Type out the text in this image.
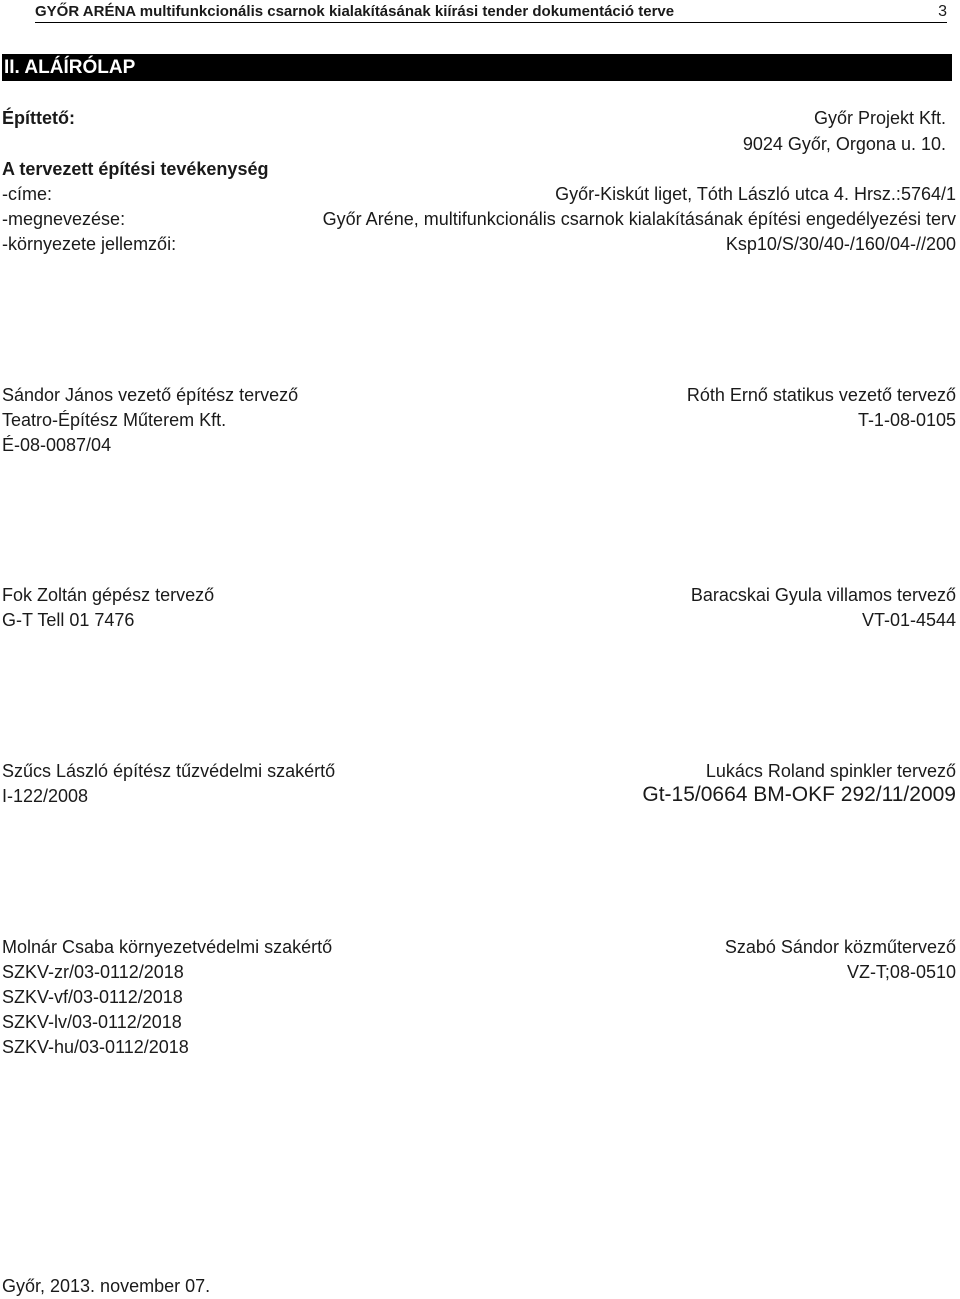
GYŐR ARÉNA multifunkcionális csarnok kialakításának kiírási tender dokumentáció terve	3
II. ALÁÍRÓLAP
Építtető:	Győr Projekt Kft.
9024 Győr, Orgona u. 10.
A tervezett építési tevékenység
-címe:	Győr-Kiskút liget, Tóth László utca 4. Hrsz.:5764/1
-megnevezése:	Győr Aréne, multifunkcionális csarnok kialakításának építési engedélyezési terv
-környezete jellemzői:	Ksp10/S/30/40-/160/04-//200
Sándor János vezető építész tervező
Teatro-Építész Műterem Kft.
É-08-0087/04
Róth Ernő statikus vezető tervező
T-1-08-0105
Fok Zoltán gépész tervező
G-T Tell 01 7476
Baracskai Gyula villamos tervező
VT-01-4544
Szűcs László építész tűzvédelmi szakértő
I-122/2008
Lukács Roland spinkler tervező
Gt-15/0664 BM-OKF 292/11/2009
Molnár Csaba környezetvédelmi szakértő
SZKV-zr/03-0112/2018
SZKV-vf/03-0112/2018
SZKV-lv/03-0112/2018
SZKV-hu/03-0112/2018
Szabó Sándor közműtervező
VZ-T;08-0510
Győr, 2013. november 07.
